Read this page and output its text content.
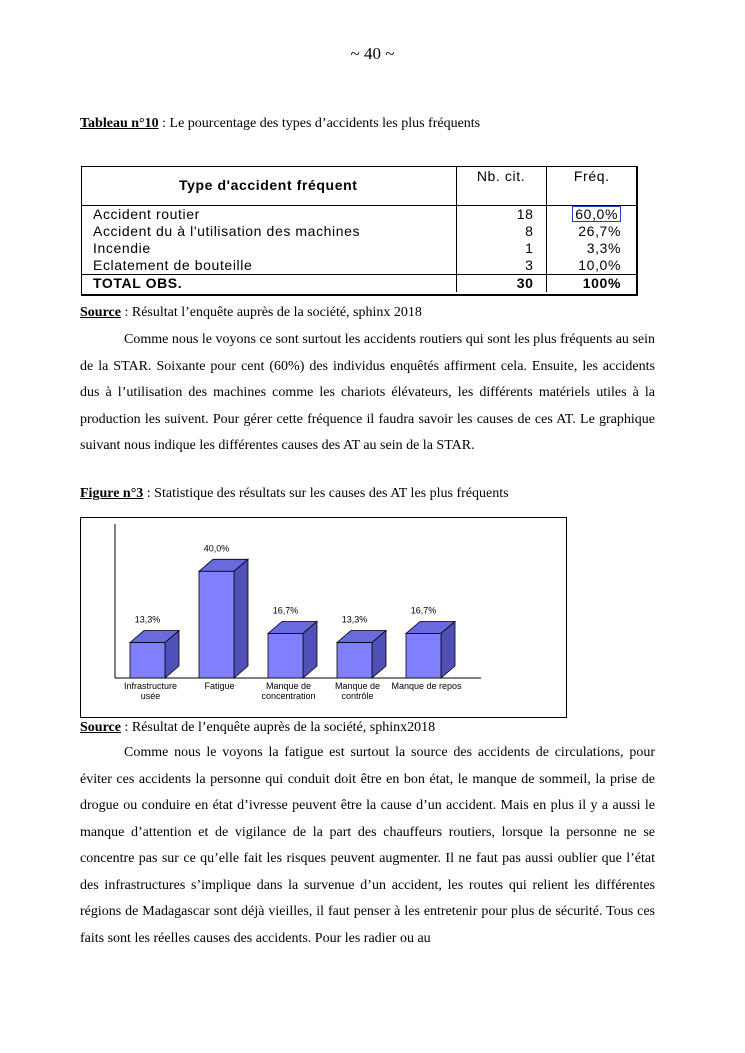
~ 40 ~
Tableau n°10 : Le pourcentage des types d’accidents les plus fréquents
Type d'accident fréquent	Nb. cit.	Fréq.
Accident routier	18	60,0%
Accident du à l'utilisation des machines	8	26,7%
Incendie	1	3,3%
Eclatement de bouteille	3	10,0%
TOTAL OBS.	30	100%
Source : Résultat l’enquête auprès de la société, sphinx 2018
Comme nous le voyons ce sont surtout les accidents routiers qui sont les plus fréquents au sein de la STAR. Soixante pour cent (60%) des individus enquêtés affirment cela. Ensuite, les accidents dus à l’utilisation des machines comme les chariots élévateurs, les différents matériels utiles à la production les suivent. Pour gérer cette fréquence il faudra savoir les causes de ces AT. Le graphique suivant nous indique les différentes causes des AT au sein de la STAR.
Figure n°3 : Statistique des résultats sur les causes des AT les plus fréquents
13,3%
Infrastructure
usée
40,0%
Fatigue
16,7%
Manque de
concentration
13,3%
Manque de
contrôle
16,7%
Manque de repos
Source : Résultat de l’enquête auprès de la société, sphinx2018
Comme nous le voyons la fatigue est surtout la source des accidents de circulations, pour éviter ces accidents la personne qui conduit doit être en bon état, le manque de sommeil, la prise de drogue ou conduire en état d’ivresse peuvent être la cause d’un accident. Mais en plus il y a aussi le manque d’attention et de vigilance de la part des chauffeurs routiers, lorsque la personne ne se concentre pas sur ce qu’elle fait les risques peuvent augmenter. Il ne faut pas aussi oublier que l’état des infrastructures s’implique dans la survenue d’un accident, les routes qui relient les différentes régions de Madagascar sont déjà vieilles, il faut penser à les entretenir pour plus de sécurité. Tous ces faits sont les réelles causes des accidents. Pour les radier ou au
